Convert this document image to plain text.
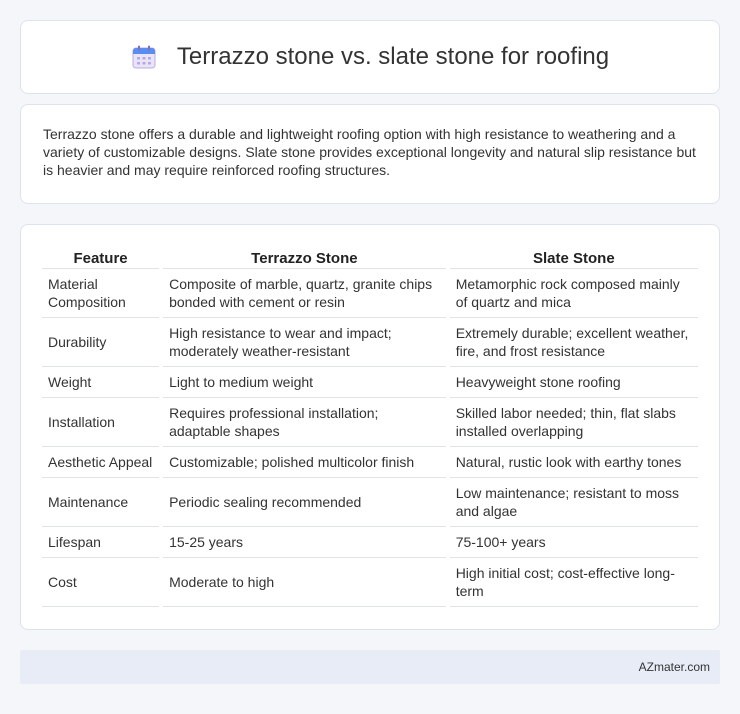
Terrazzo stone vs. slate stone for roofing

Terrazzo stone offers a durable and lightweight roofing option with high resistance to weathering and a variety of customizable designs. Slate stone provides exceptional longevity and natural slip resistance but is heavier and may require reinforced roofing structures.

Feature	Terrazzo Stone	Slate Stone
Material Composition	Composite of marble, quartz, granite chips bonded with cement or resin	Metamorphic rock composed mainly of quartz and mica
Durability	High resistance to wear and impact; moderately weather-resistant	Extremely durable; excellent weather, fire, and frost resistance
Weight	Light to medium weight	Heavyweight stone roofing
Installation	Requires professional installation; adaptable shapes	Skilled labor needed; thin, flat slabs installed overlapping
Aesthetic Appeal	Customizable; polished multicolor finish	Natural, rustic look with earthy tones
Maintenance	Periodic sealing recommended	Low maintenance; resistant to moss and algae
Lifespan	15-25 years	75-100+ years
Cost	Moderate to high	High initial cost; cost-effective long-term
AZmater.com
